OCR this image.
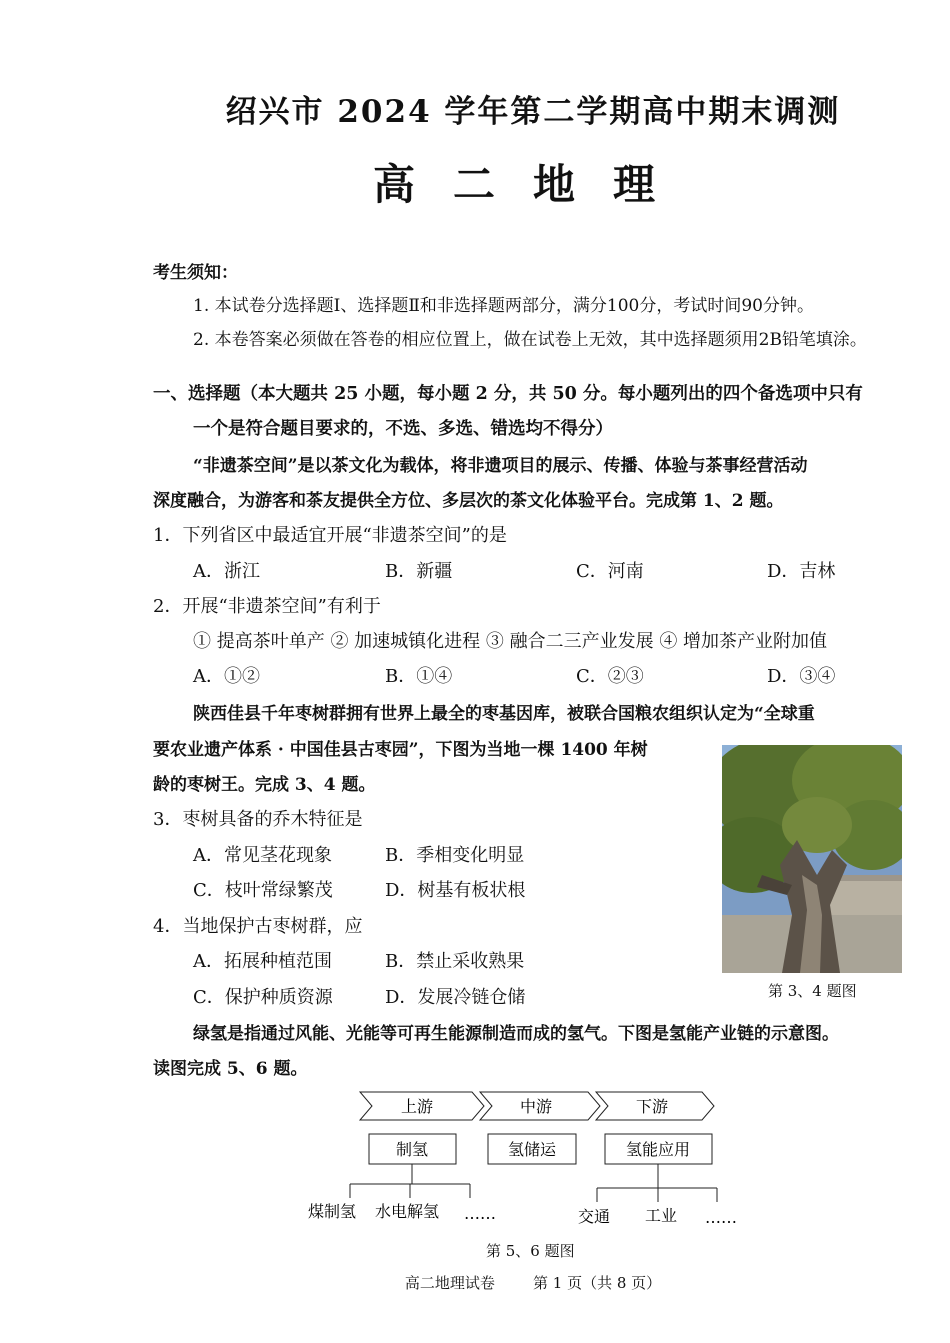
绍兴市 2024 学年第二学期高中期末调测
高二地理
考生须知：
1. 本试卷分选择题Ⅰ、选择题Ⅱ和非选择题两部分，满分100分，考试时间90分钟。
2. 本卷答案必须做在答卷的相应位置上，做在试卷上无效，其中选择题须用2B铅笔填涂。
一、选择题（本大题共 25 小题，每小题 2 分，共 50 分。每小题列出的四个备选项中只有
一个是符合题目要求的，不选、多选、错选均不得分）
“非遗茶空间”是以茶文化为载体，将非遗项目的展示、传播、体验与茶事经营活动
深度融合，为游客和茶友提供全方位、多层次的茶文化体验平台。完成第 1、2 题。
1．下列省区中最适宜开展“非遗茶空间”的是
A．浙江	B．新疆	C．河南	D．吉林
2．开展“非遗茶空间”有利于
① 提高茶叶单产 ② 加速城镇化进程 ③ 融合二三产业发展 ④ 增加茶产业附加值
A．①②	B．①④	C．②③	D．③④
陕西佳县千年枣树群拥有世界上最全的枣基因库，被联合国粮农组织认定为“全球重
要农业遗产体系 · 中国佳县古枣园”，下图为当地一棵 1400 年树
龄的枣树王。完成 3、4 题。
第 3、4 题图
3．枣树具备的乔木特征是
A．常见茎花现象	B．季相变化明显
C．枝叶常绿繁茂	D．树基有板状根
4．当地保护古枣树群，应
A．拓展种植范围	B．禁止采收熟果
C．保护种质资源	D．发展冷链仓储
绿氢是指通过风能、光能等可再生能源制造而成的氢气。下图是氢能产业链的示意图。
读图完成 5、6 题。
上游	中游	下游
制氢	氢储运	氢能应用
煤制氢 水电解氢 ……	交通 工业 ……
第 5、6 题图
高二地理试卷        第 1 页（共 8 页）
